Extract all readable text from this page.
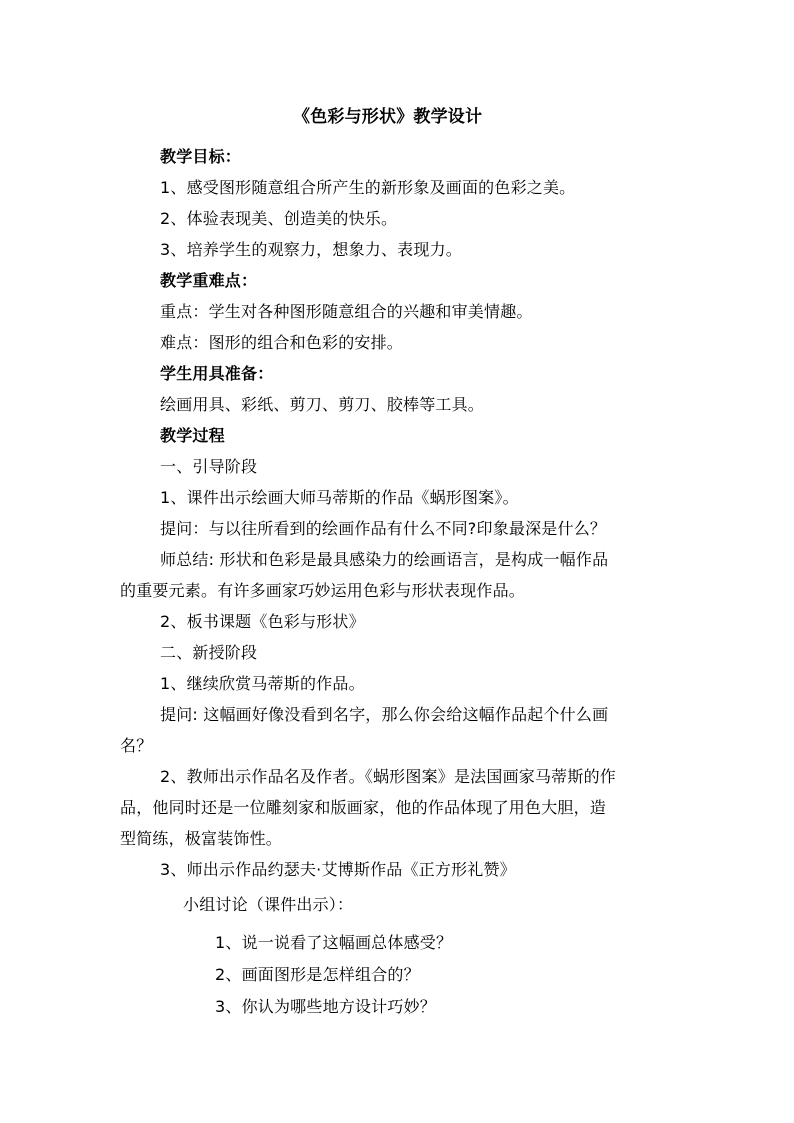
《色彩与形状》教学设计
教学目标：
1、感受图形随意组合所产生的新形象及画面的色彩之美。
2、体验表现美、创造美的快乐。
3、培养学生的观察力，想象力、表现力。
教学重难点：
重点：学生对各种图形随意组合的兴趣和审美情趣。
难点：图形的组合和色彩的安排。
学生用具准备：
绘画用具、彩纸、剪刀、剪刀、胶棒等工具。
教学过程
一、引导阶段
1、课件出示绘画大师马蒂斯的作品《蜗形图案》。
提问：与以往所看到的绘画作品有什么不同?印象最深是什么？
师总结: 形状和色彩是最具感染力的绘画语言，是构成一幅作品
的重要元素。有许多画家巧妙运用色彩与形状表现作品。
2、板书课题《色彩与形状》
二、新授阶段
1、继续欣赏马蒂斯的作品。
提问: 这幅画好像没看到名字，那么你会给这幅作品起个什么画
名？
2、教师出示作品名及作者。《蜗形图案》是法国画家马蒂斯的作
品，他同时还是一位雕刻家和版画家，他的作品体现了用色大胆，造
型简练，极富装饰性。
3、师出示作品约瑟夫·艾博斯作品《正方形礼赞》
小组讨论（课件出示）：
1、说一说看了这幅画总体感受？
2、画面图形是怎样组合的？
3、你认为哪些地方设计巧妙？
